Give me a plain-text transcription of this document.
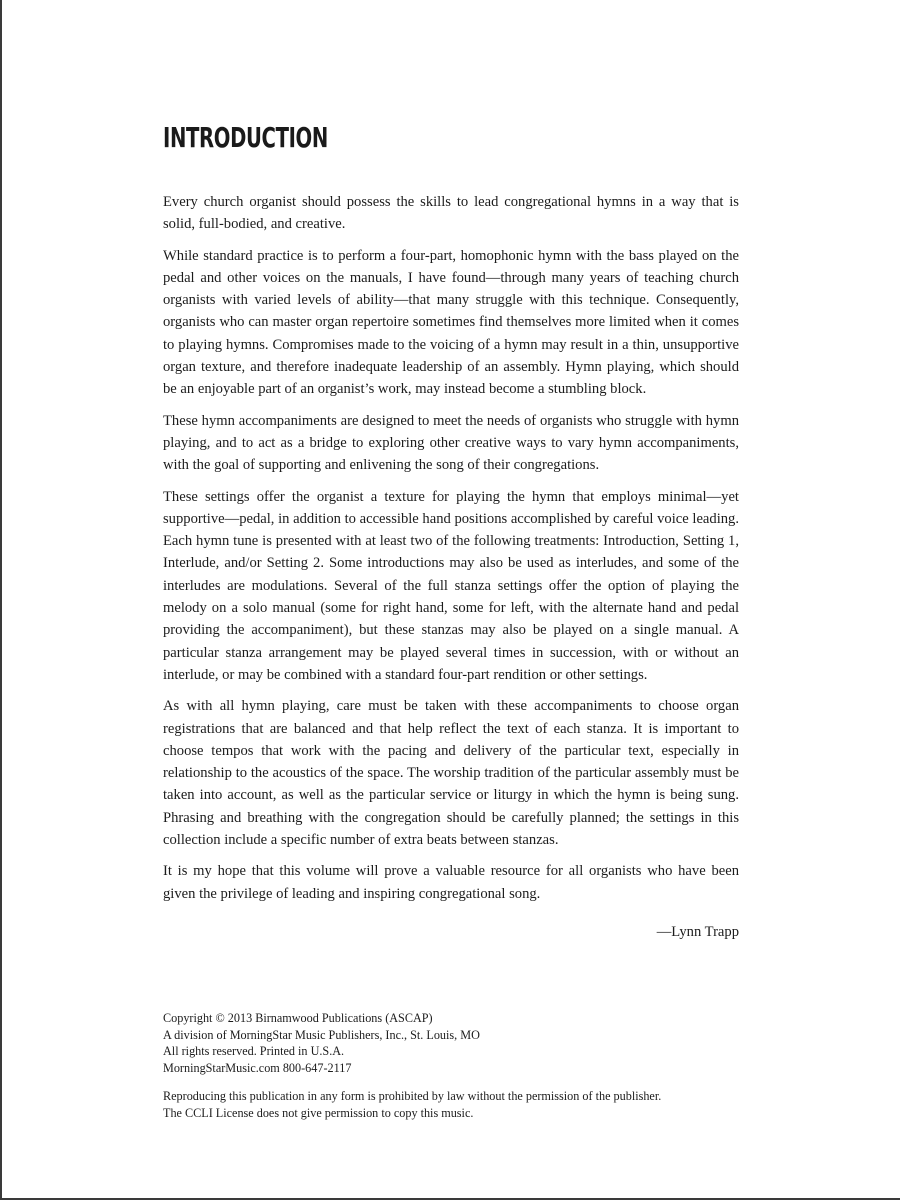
INTRODUCTION

Every church organist should possess the skills to lead congregational hymns in a way that is solid, full-bodied, and creative.

While standard practice is to perform a four-part, homophonic hymn with the bass played on the pedal and other voices on the manuals, I have found—through many years of teaching church organists with varied levels of ability—that many struggle with this technique. Consequently, organists who can master organ repertoire sometimes find themselves more limited when it comes to playing hymns. Compromises made to the voicing of a hymn may result in a thin, unsupportive organ texture, and therefore inadequate leadership of an assembly. Hymn playing, which should be an enjoyable part of an organist’s work, may instead become a stumbling block.

These hymn accompaniments are designed to meet the needs of organists who struggle with hymn playing, and to act as a bridge to exploring other creative ways to vary hymn accompaniments, with the goal of supporting and enlivening the song of their congregations.

These settings offer the organist a texture for playing the hymn that employs minimal—yet supportive—pedal, in addition to accessible hand positions accomplished by careful voice leading. Each hymn tune is presented with at least two of the following treatments: Introduction, Setting 1, Interlude, and/or Setting 2. Some introductions may also be used as interludes, and some of the interludes are modulations. Several of the full stanza settings offer the option of playing the melody on a solo manual (some for right hand, some for left, with the alternate hand and pedal providing the accompaniment), but these stanzas may also be played on a single manual. A particular stanza arrangement may be played several times in succession, with or without an interlude, or may be combined with a standard four-part rendition or other settings.

As with all hymn playing, care must be taken with these accompaniments to choose organ registrations that are balanced and that help reflect the text of each stanza. It is important to choose tempos that work with the pacing and delivery of the particular text, especially in relationship to the acoustics of the space. The worship tradition of the particular assembly must be taken into account, as well as the particular service or liturgy in which the hymn is being sung. Phrasing and breathing with the congregation should be carefully planned; the settings in this collection include a specific number of extra beats between stanzas.

It is my hope that this volume will prove a valuable resource for all organists who have been given the privilege of leading and inspiring congregational song.

—Lynn Trapp
Copyright © 2013 Birnamwood Publications (ASCAP)
A division of MorningStar Music Publishers, Inc., St. Louis, MO
All rights reserved. Printed in U.S.A.
MorningStarMusic.com 800-647-2117
Reproducing this publication in any form is prohibited by law without the permission of the publisher.
The CCLI License does not give permission to copy this music.
